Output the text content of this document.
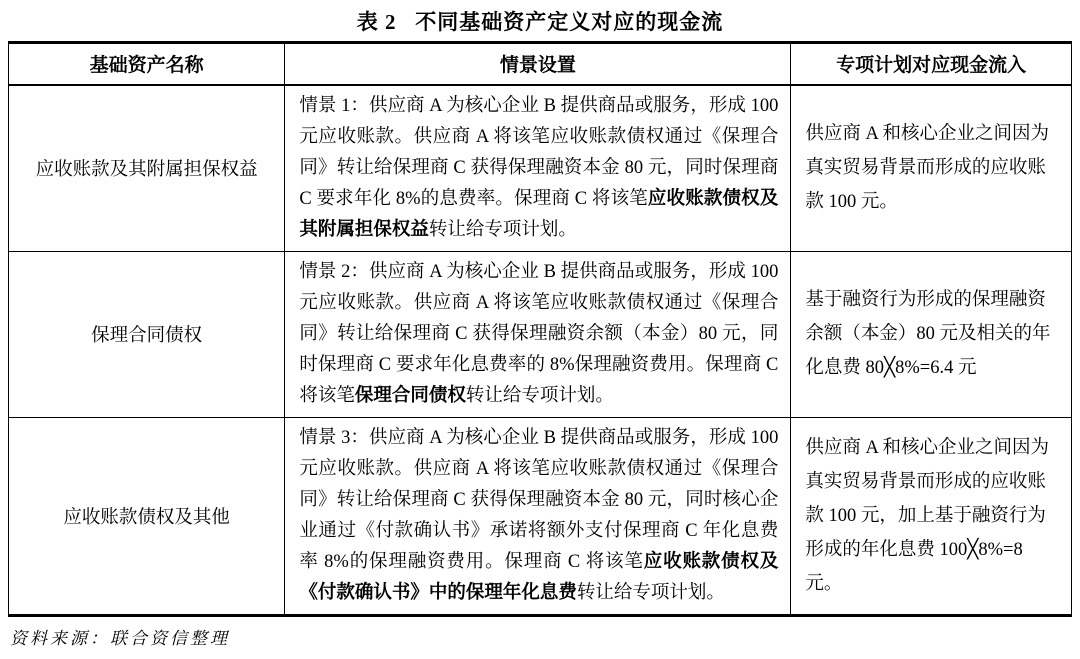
表 2   不同基础资产定义对应的现金流
基础资产名称	情景设置	专项计划对应现金流入
应收账款及其附属担保权益	情景 1：供应商 A 为核心企业 B 提供商品或服务，形成 100 元应收账款。供应商 A 将该笔应收账款债权通过《保理合同》转让给保理商 C 获得保理融资本金 80 元，同时保理商 C 要求年化 8%的息费率。保理商 C 将该笔应收账款债权及其附属担保权益转让给专项计划。	供应商 A 和核心企业之间因为真实贸易背景而形成的应收账款 100 元。
保理合同债权	情景 2：供应商 A 为核心企业 B 提供商品或服务，形成 100 元应收账款。供应商 A 将该笔应收账款债权通过《保理合同》转让给保理商 C 获得保理融资余额（本金）80 元，同时保理商 C 要求年化息费率的 8%保理融资费用。保理商 C 将该笔保理合同债权转让给专项计划。	基于融资行为形成的保理融资余额（本金）80 元及相关的年化息费 80╳8%=6.4 元
应收账款债权及其他	情景 3：供应商 A 为核心企业 B 提供商品或服务，形成 100 元应收账款。供应商 A 将该笔应收账款债权通过《保理合同》转让给保理商 C 获得保理融资本金 80 元，同时核心企业通过《付款确认书》承诺将额外支付保理商 C 年化息费率 8%的保理融资费用。保理商 C 将该笔应收账款债权及《付款确认书》中的保理年化息费转让给专项计划。	供应商 A 和核心企业之间因为真实贸易背景而形成的应收账款 100 元，加上基于融资行为形成的年化息费 100╳8%=8 元。
资料来源：联合资信整理
